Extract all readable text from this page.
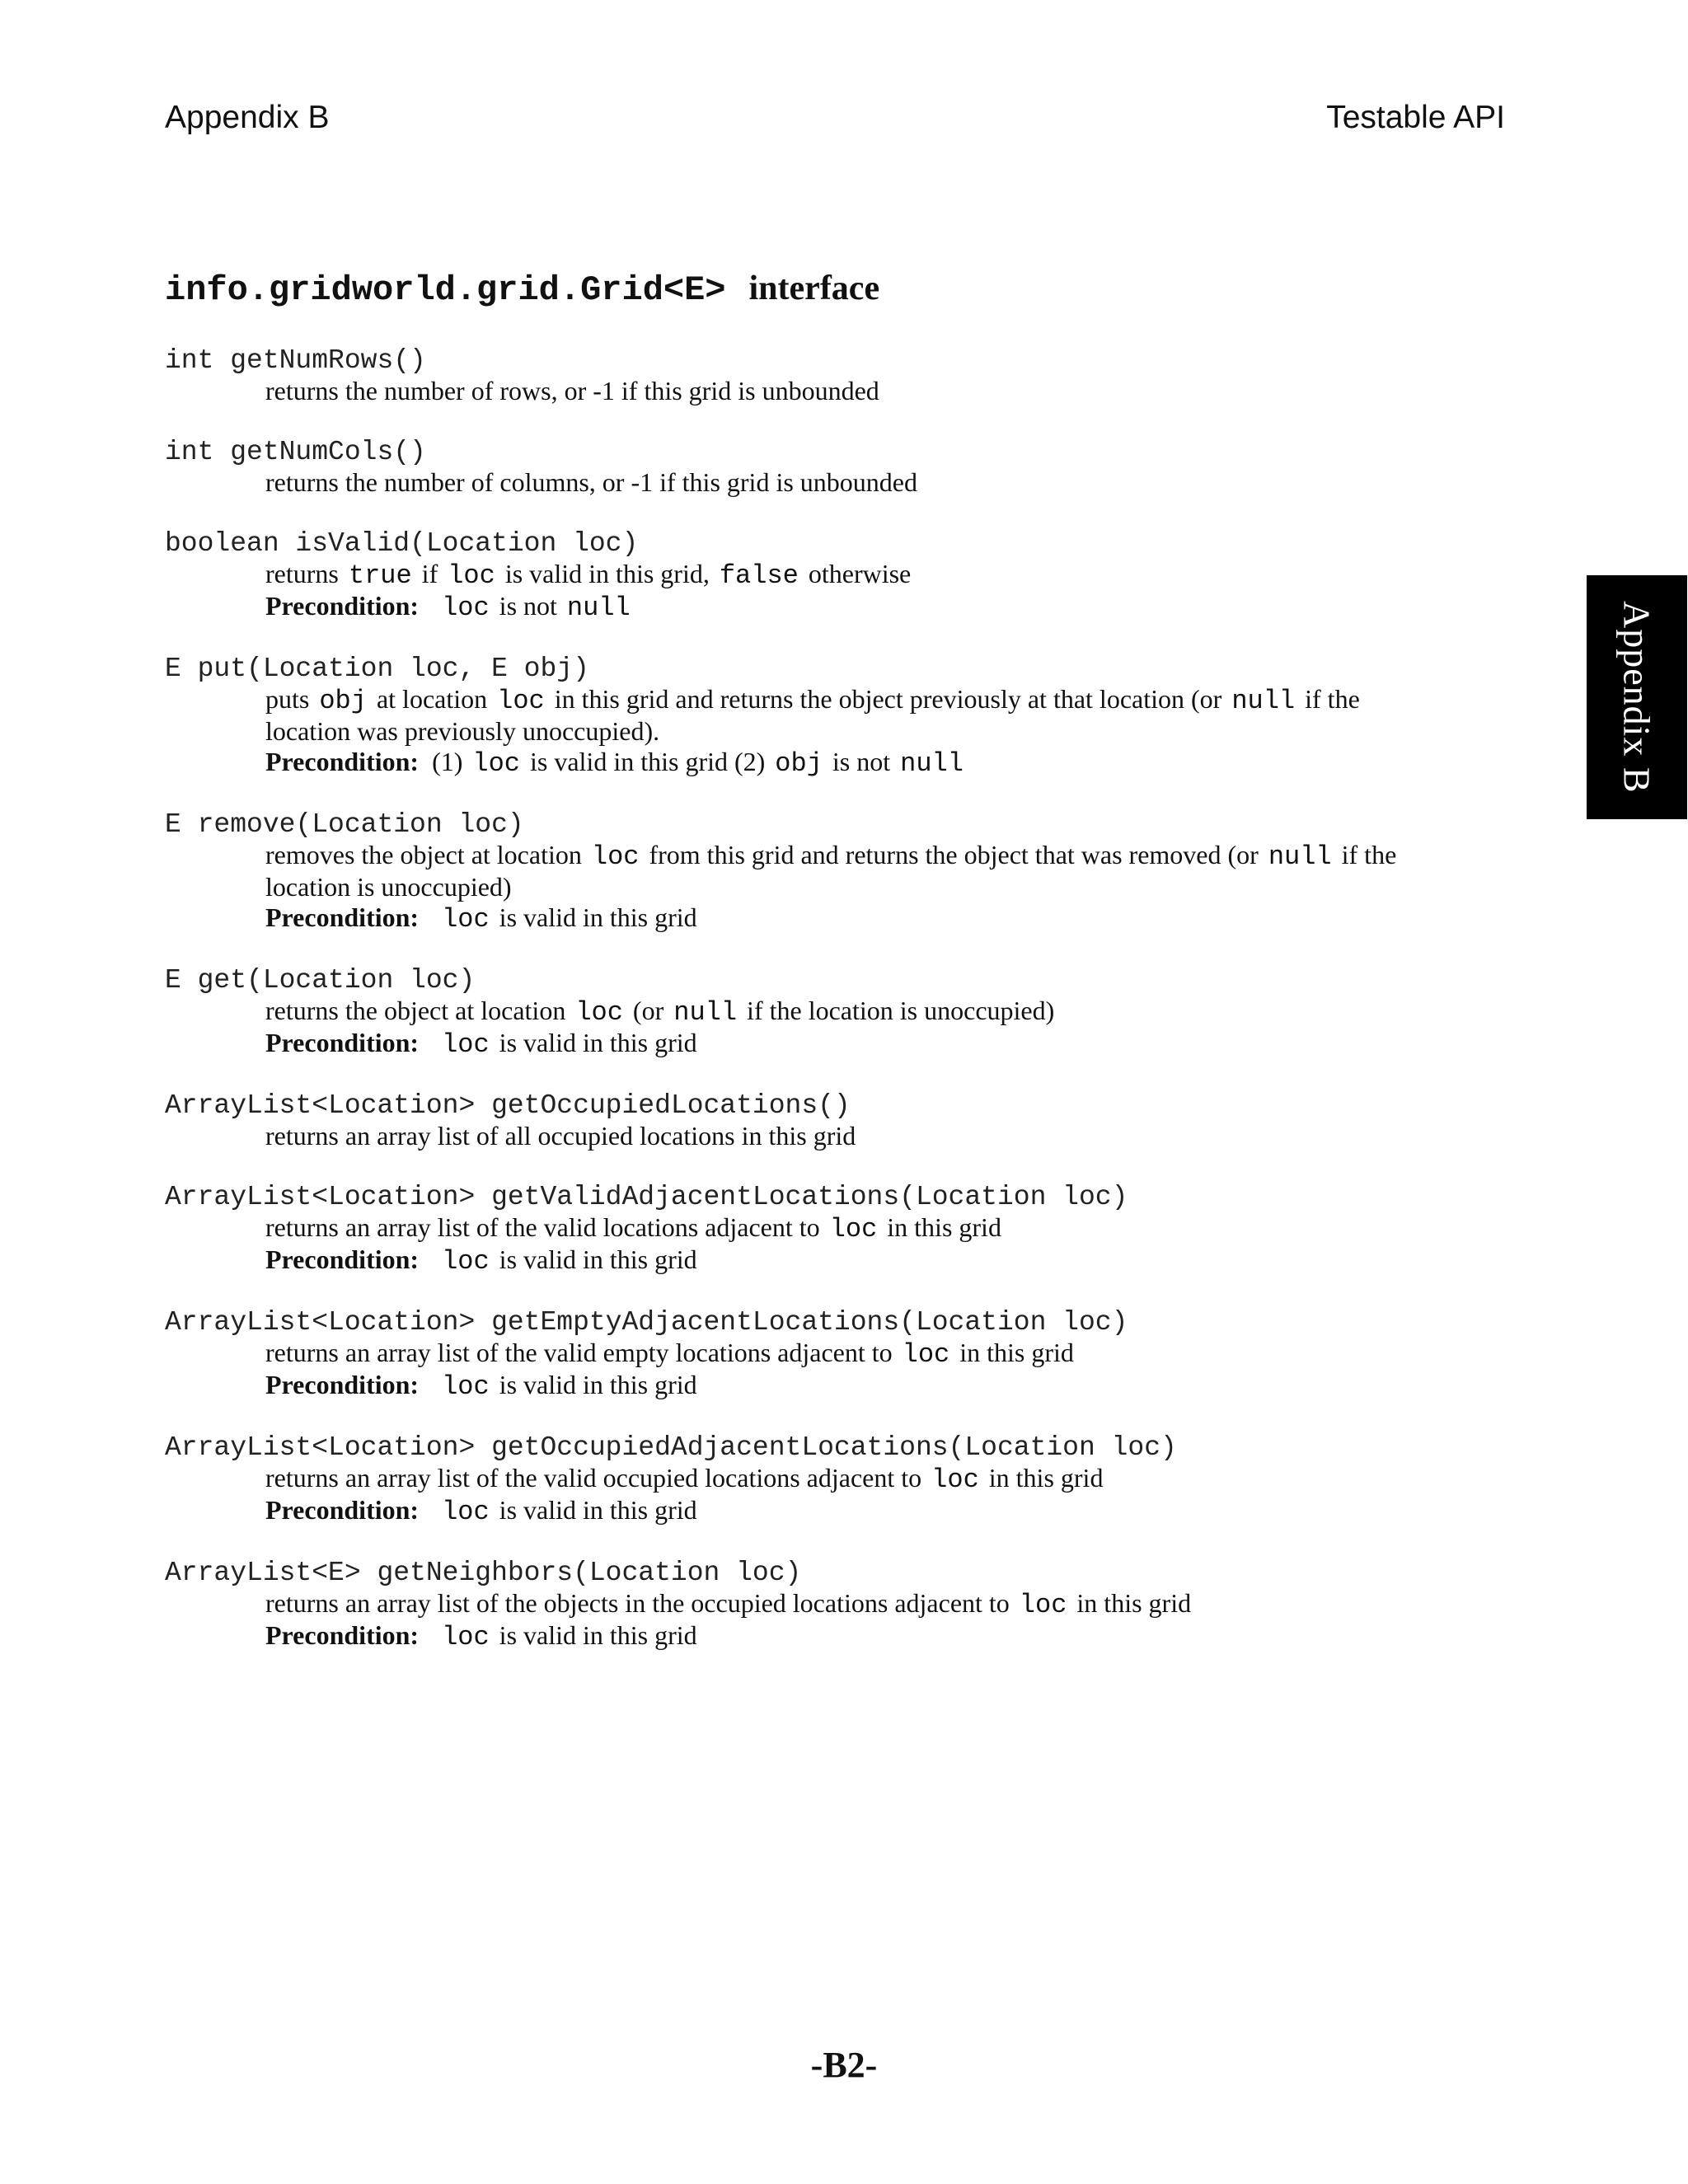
Appendix B	Testable API
Appendix B
info.gridworld.grid.Grid<E> interface
int getNumRows()

returns the number of rows, or -1 if this grid is unbounded

int getNumCols()

returns the number of columns, or -1 if this grid is unbounded

boolean isValid(Location loc)

returns true if loc is valid in this grid, false otherwise

Precondition: loc is not null

E put(Location loc, E obj)

puts obj at location loc in this grid and returns the object previously at that location (or null if the

location was previously unoccupied).

Precondition: (1) loc is valid in this grid (2) obj is not null

E remove(Location loc)

removes the object at location loc from this grid and returns the object that was removed (or null if the

location is unoccupied)

Precondition: loc is valid in this grid

E get(Location loc)

returns the object at location loc (or null if the location is unoccupied)

Precondition: loc is valid in this grid

ArrayList<Location> getOccupiedLocations()

returns an array list of all occupied locations in this grid

ArrayList<Location> getValidAdjacentLocations(Location loc)

returns an array list of the valid locations adjacent to loc in this grid

Precondition: loc is valid in this grid

ArrayList<Location> getEmptyAdjacentLocations(Location loc)

returns an array list of the valid empty locations adjacent to loc in this grid

Precondition: loc is valid in this grid

ArrayList<Location> getOccupiedAdjacentLocations(Location loc)

returns an array list of the valid occupied locations adjacent to loc in this grid

Precondition: loc is valid in this grid

ArrayList<E> getNeighbors(Location loc)

returns an array list of the objects in the occupied locations adjacent to loc in this grid

Precondition: loc is valid in this grid

-B2-
